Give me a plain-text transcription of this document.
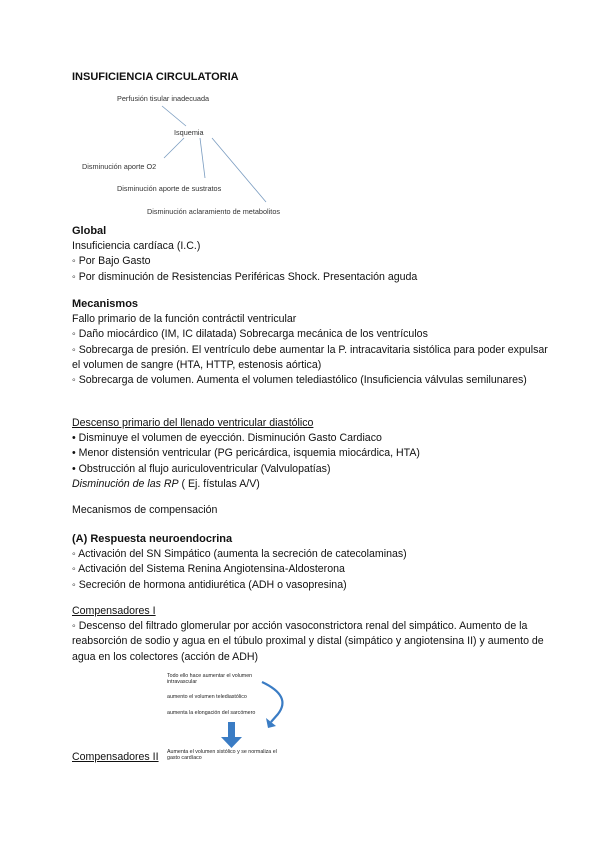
INSUFICIENCIA CIRCULATORIA
Perfusión tisular inadecuada
Isquemia
Disminución aporte O2
Disminución aporte de sustratos
Disminución aclaramiento de metabolitos
Global
Insuficiencia cardíaca (I.C.)
◦ Por Bajo Gasto
◦ Por disminución de Resistencias Periféricas Shock. Presentación aguda
Mecanismos
Fallo primario de la función contráctil ventricular
◦ Daño miocárdico (IM, IC dilatada) Sobrecarga mecánica de los ventrículos
◦ Sobrecarga de presión. El ventrículo debe aumentar la P. intracavitaria sistólica para poder expulsar el volumen de sangre (HTA, HTTP, estenosis aórtica)
◦ Sobrecarga de volumen. Aumenta el volumen telediastólico (Insuficiencia válvulas semilunares)
Descenso primario del llenado ventricular diastólico
• Disminuye el volumen de eyección. Disminución Gasto Cardiaco
• Menor distensión ventricular (PG pericárdica, isquemia miocárdica, HTA)
• Obstrucción al flujo auriculoventricular (Valvulopatías)
Disminución de las RP ( Ej. fístulas A/V)
Mecanismos de compensación
(A) Respuesta neuroendocrina
◦ Activación del SN Simpático (aumenta la secreción de catecolaminas)
◦ Activación del Sistema Renina Angiotensina-Aldosterona
◦ Secreción de hormona antidiurética (ADH o vasopresina)
Compensadores I
◦ Descenso del filtrado glomerular por acción vasoconstrictora renal del simpático. Aumento de la reabsorción de sodio y agua en el túbulo proximal y distal (simpático y angiotensina II) y aumento de agua en los colectores (acción de ADH)
Todo ello hace aumentar el volumen
intravascular
aumento el volumen telediastólico
aumenta la elongación del sarcómero
Aumenta el volumen sistólico y se normaliza el
gasto cardíaco
Compensadores II
